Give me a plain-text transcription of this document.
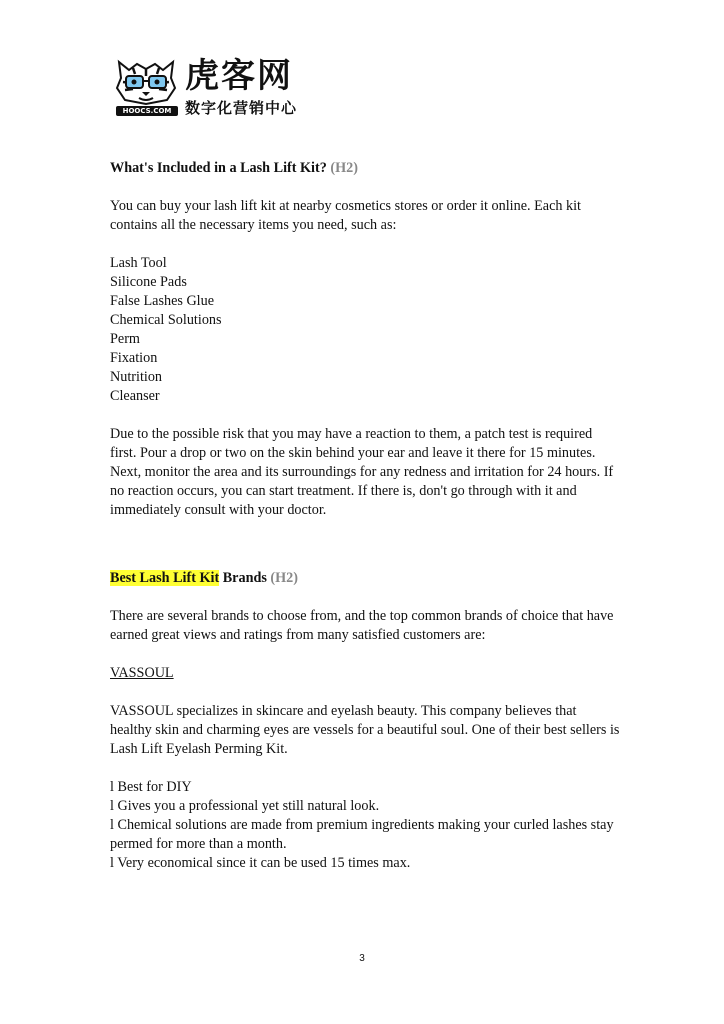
HOOCS.COM
虎客网
数字化营销中心

What's Included in a Lash Lift Kit? (H2)

You can buy your lash lift kit at nearby cosmetics stores or order it online. Each kit contains all the necessary items you need, such as:

Lash Tool

Silicone Pads

False Lashes Glue

Chemical Solutions

Perm

Fixation

Nutrition

Cleanser

Due to the possible risk that you may have a reaction to them, a patch test is required first. Pour a drop or two on the skin behind your ear and leave it there for 15 minutes. Next, monitor the area and its surroundings for any redness and irritation for 24 hours. If no reaction occurs, you can start treatment. If there is, don't go through with it and immediately consult with your doctor.

Best Lash Lift Kit Brands (H2)

There are several brands to choose from, and the top common brands of choice that have earned great views and ratings from many satisfied customers are:

VASSOUL

VASSOUL specializes in skincare and eyelash beauty. This company believes that healthy skin and charming eyes are vessels for a beautiful soul. One of their best sellers is Lash Lift Eyelash Perming Kit.

l Best for DIY

l Gives you a professional yet still natural look.

l Chemical solutions are made from premium ingredients making your curled lashes stay permed for more than a month.

l Very economical since it can be used 15 times max.

3
